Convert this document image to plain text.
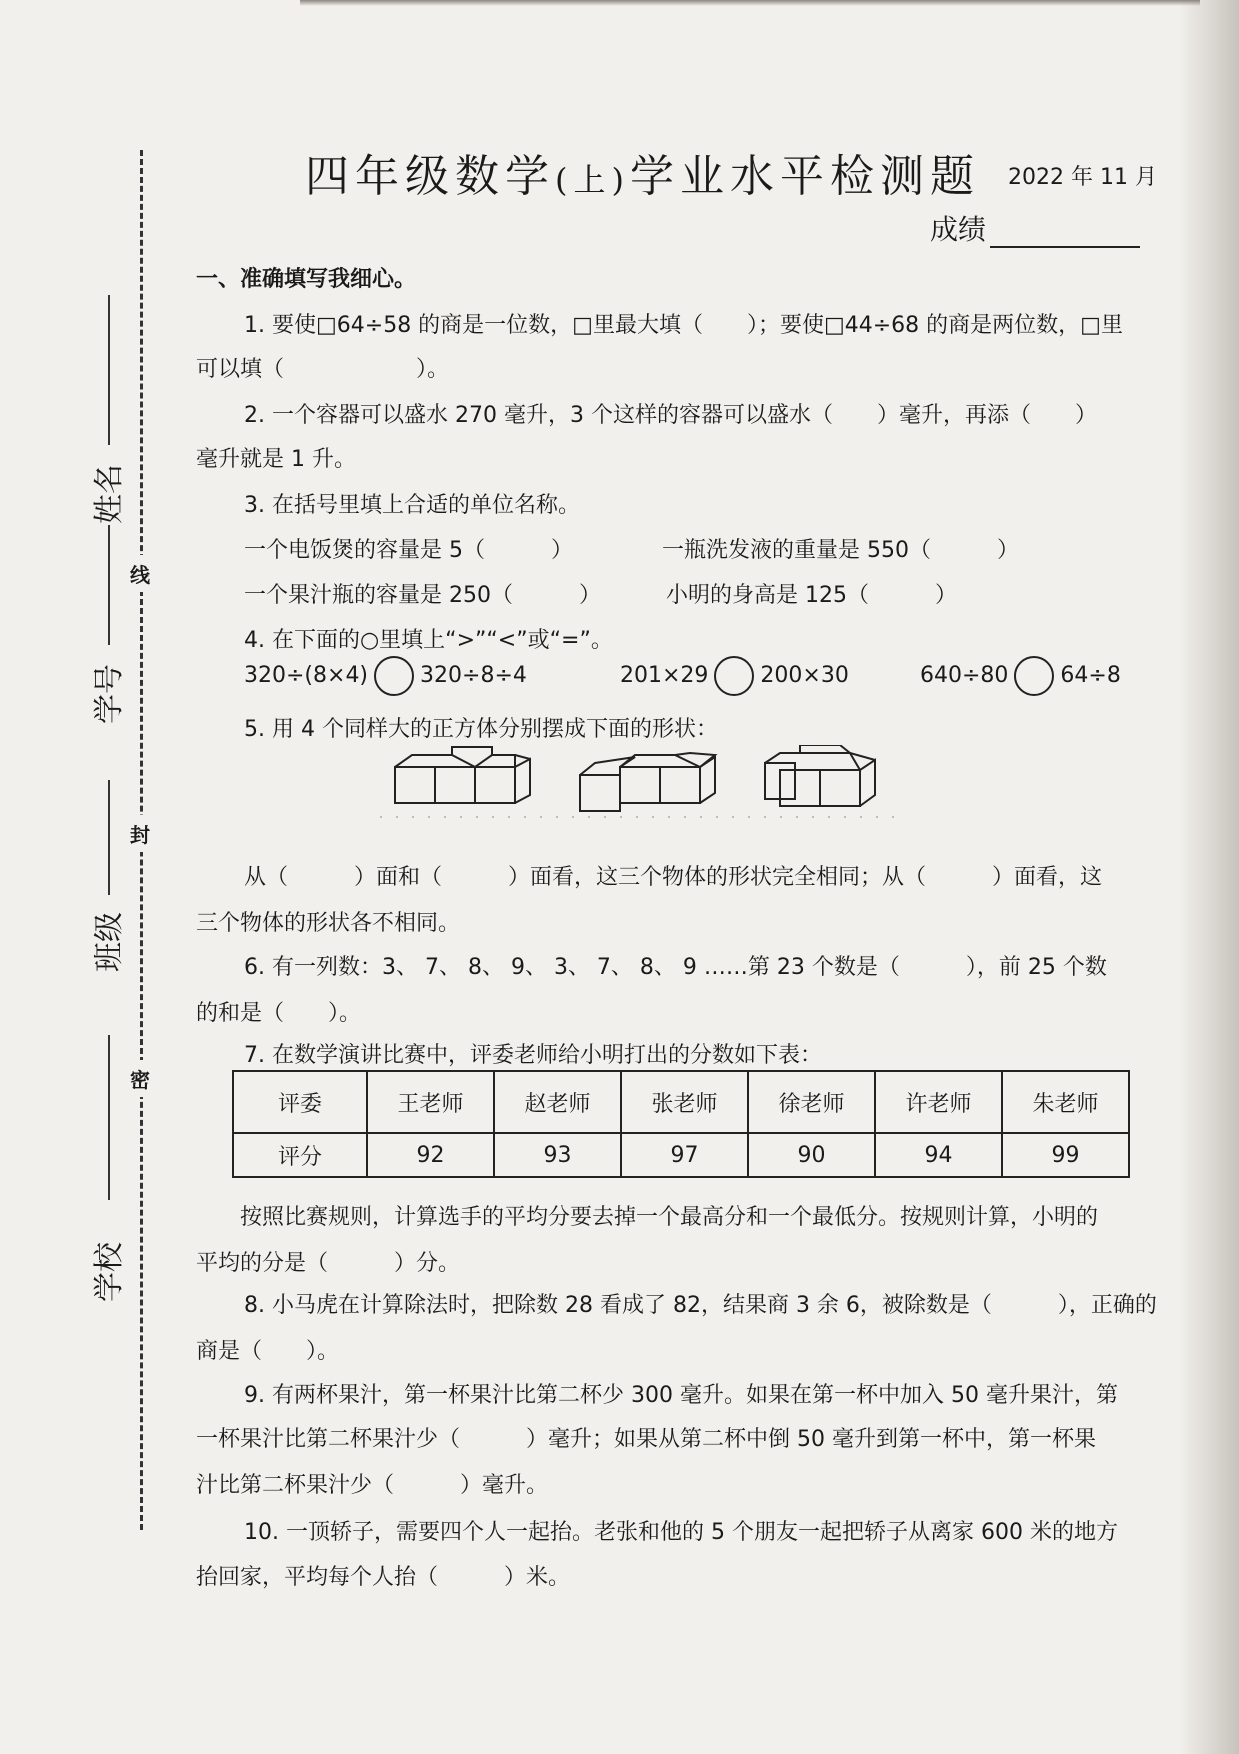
线
封
密
姓名
学号
班级
学校
四年级数学(上)学业水平检测题 2022 年 11 月
成绩
一、准确填写我细心。
1. 要使□64÷58 的商是一位数，□里最大填（　　）；要使□44÷68 的商是两位数，□里
可以填（　　　　　　）。
2. 一个容器可以盛水 270 毫升，3 个这样的容器可以盛水（　　）毫升，再添（　　）
毫升就是 1 升。
3. 在括号里填上合适的单位名称。
一个电饭煲的容量是 5（　　　）	一瓶洗发液的重量是 550（　　　）
一个果汁瓶的容量是 250（　　　）	小明的身高是 125（　　　）
4. 在下面的○里填上“>”“<”或“=”。
320÷(8×4) 320÷8÷4	201×29 200×30	640÷80 64÷8
5. 用 4 个同样大的正方体分别摆成下面的形状：
从（　　　）面和（　　　）面看，这三个物体的形状完全相同；从（　　　）面看，这
三个物体的形状各不相同。
6. 有一列数：3、 7、 8、 9、 3、 7、 8、 9 ……第 23 个数是（　　　），前 25 个数
的和是（　　）。
7. 在数学演讲比赛中，评委老师给小明打出的分数如下表：
评委	王老师	赵老师	张老师	徐老师	许老师	朱老师
评分	92	93	97	90	94	99
按照比赛规则，计算选手的平均分要去掉一个最高分和一个最低分。按规则计算，小明的
平均的分是（　　　）分。
8. 小马虎在计算除法时，把除数 28 看成了 82，结果商 3 余 6，被除数是（　　　），正确的
商是（　　）。
9. 有两杯果汁，第一杯果汁比第二杯少 300 毫升。如果在第一杯中加入 50 毫升果汁，第
一杯果汁比第二杯果汁少（　　　）毫升；如果从第二杯中倒 50 毫升到第一杯中，第一杯果
汁比第二杯果汁少（　　　）毫升。
10. 一顶轿子，需要四个人一起抬。老张和他的 5 个朋友一起把轿子从离家 600 米的地方
抬回家，平均每个人抬（　　　）米。
